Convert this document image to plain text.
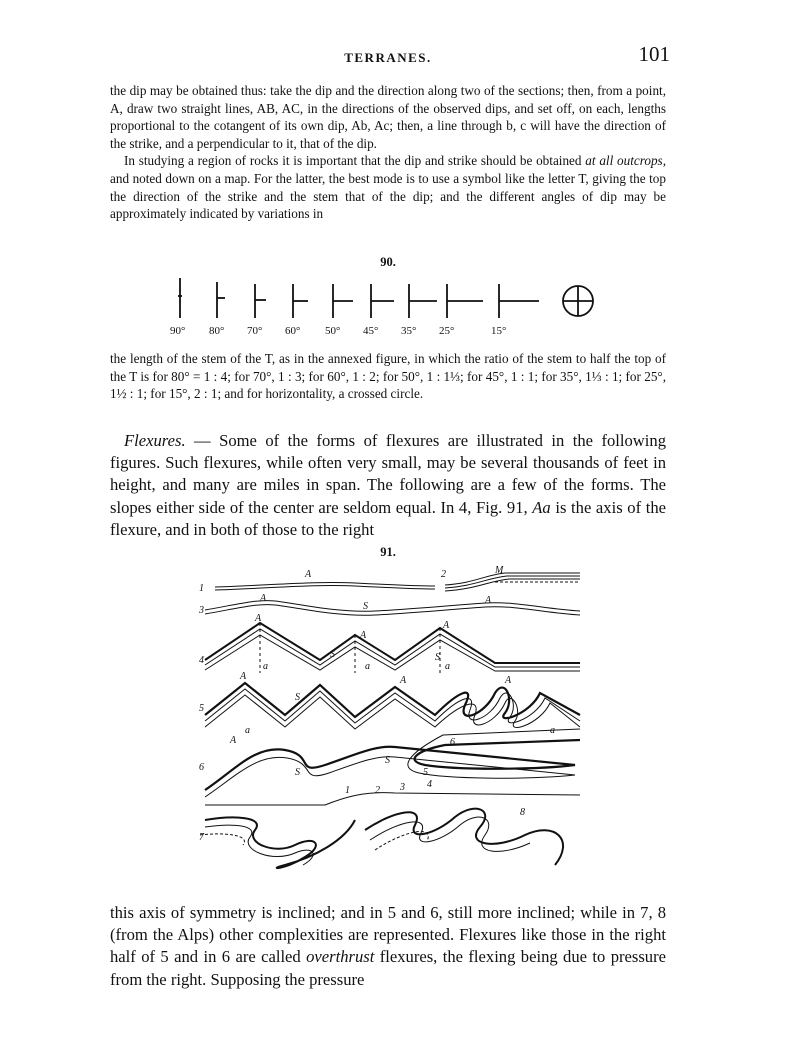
TERRANES.	101

the dip may be obtained thus: take the dip and the direction along two of the sections; then, from a point, A, draw two straight lines, AB, AC, in the directions of the observed dips, and set off, on each, lengths proportional to the cotangent of its own dip, Ab, Ac; then, a line through b, c will have the direction of the strike, and a perpendicular to it, that of the dip.

In studying a region of rocks it is important that the dip and strike should be obtained at all outcrops, and noted down on a map. For the latter, the best mode is to use a symbol like the letter T, giving the top the direction of the strike and the stem that of the dip; and the different angles of dip may be approximately indicated by variations in

90.
90° 80° 70° 60° 50° 45° 35° 25°	15°

the length of the stem of the T, as in the annexed figure, in which the ratio of the stem to half the top of the T is for 80° = 1 : 4; for 70°, 1 : 3; for 60°, 1 : 2; for 50°, 1 : 1⅓; for 45°, 1 : 1; for 35°, 1⅓ : 1; for 25°, 1½ : 1; for 15°, 2 : 1; and for horizontality, a crossed circle.

Flexures. — Some of the forms of flexures are illustrated in the following figures. Such flexures, while often very small, may be several thousands of feet in height, and many are miles in span. The following are a few of the forms. The slopes either side of the center are seldom equal. In 4, Fig. 91, Aa is the axis of the flexure, and in both of those to the right

91.
1
2
3
4
5
6
7
8
A	M
A
S
A
A
S
A
S
A
a	a	a
A
S
A	A
a	a
A
S
S
1	2 3 4
5
6

this axis of symmetry is inclined; and in 5 and 6, still more inclined; while in 7, 8 (from the Alps) other complexities are represented. Flexures like those in the right half of 5 and in 6 are called overthrust flexures, the flexing being due to pressure from the right. Supposing the pressure
